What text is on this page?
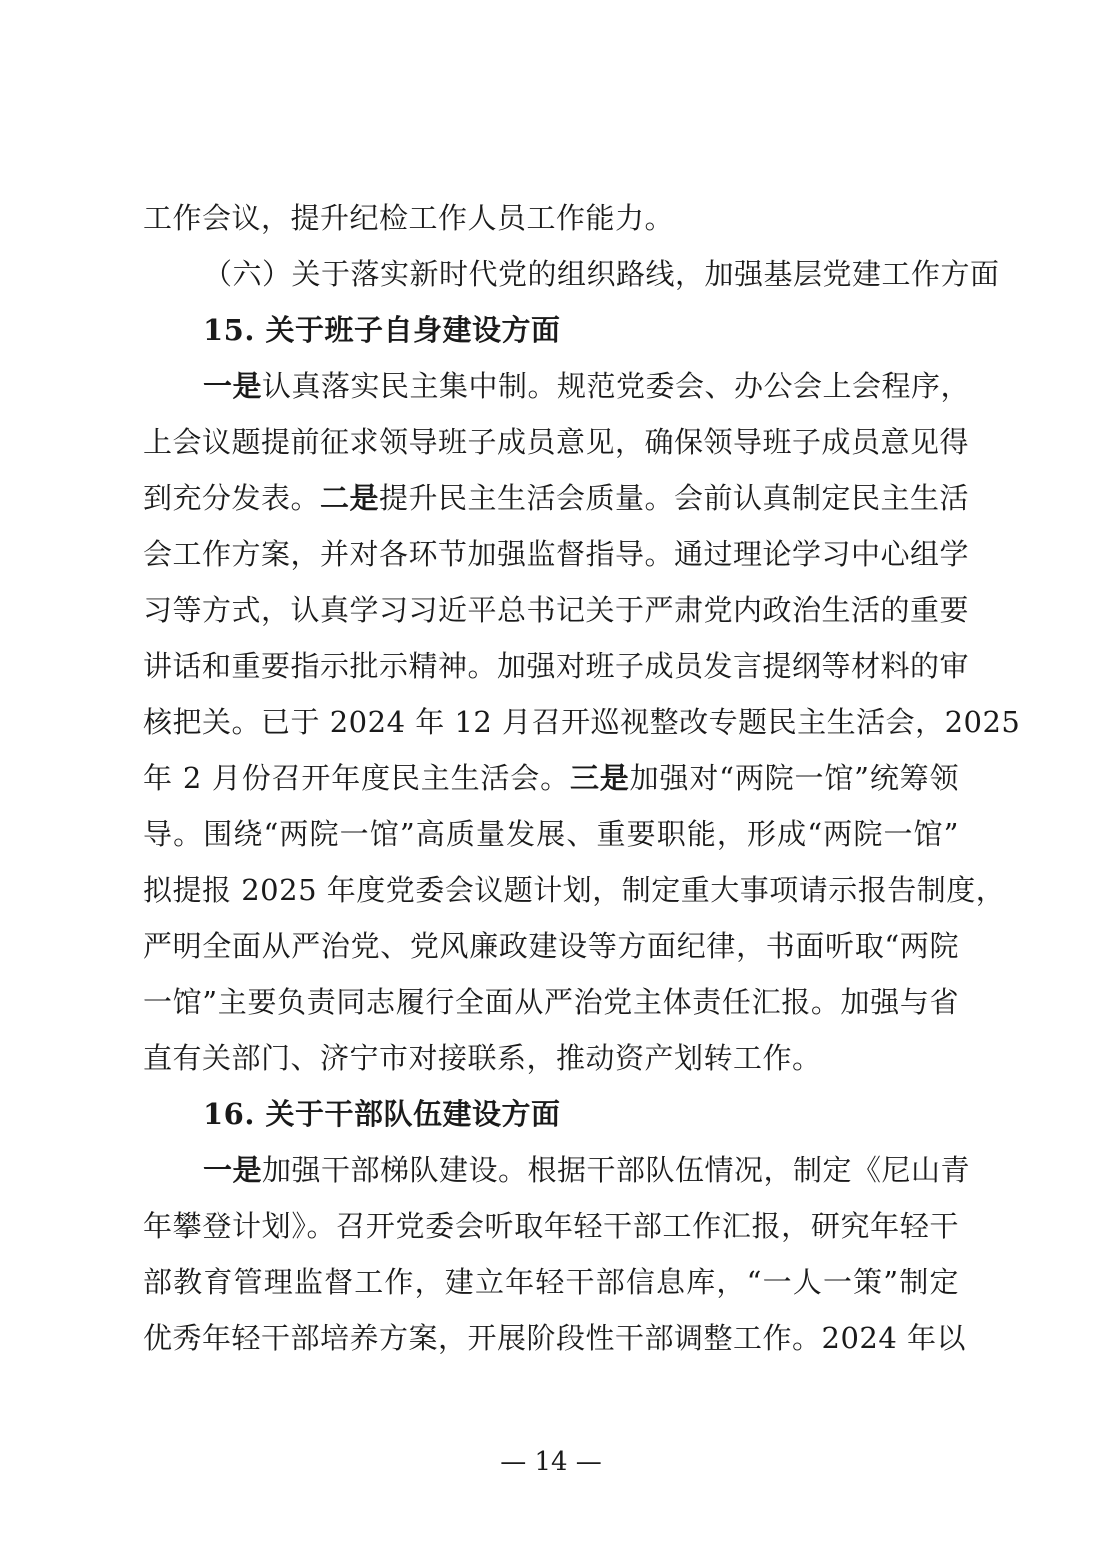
工作会议，提升纪检工作人员工作能力。
（六）关于落实新时代党的组织路线，加强基层党建工作方面
15. 关于班子自身建设方面
一是认真落实民主集中制。规范党委会、办公会上会程序，
上会议题提前征求领导班子成员意见，确保领导班子成员意见得
到充分发表。二是提升民主生活会质量。会前认真制定民主生活
会工作方案，并对各环节加强监督指导。通过理论学习中心组学
习等方式，认真学习习近平总书记关于严肃党内政治生活的重要
讲话和重要指示批示精神。加强对班子成员发言提纲等材料的审
核把关。已于 2024 年 12 月召开巡视整改专题民主生活会，2025
年 2 月份召开年度民主生活会。三是加强对“两院一馆”统筹领
导。围绕“两院一馆”高质量发展、重要职能，形成“两院一馆”
拟提报 2025 年度党委会议题计划，制定重大事项请示报告制度，
严明全面从严治党、党风廉政建设等方面纪律，书面听取“两院
一馆”主要负责同志履行全面从严治党主体责任汇报。加强与省
直有关部门、济宁市对接联系，推动资产划转工作。
16. 关于干部队伍建设方面
一是加强干部梯队建设。根据干部队伍情况，制定《尼山青
年攀登计划》。召开党委会听取年轻干部工作汇报，研究年轻干
部教育管理监督工作，建立年轻干部信息库，“一人一策”制定
优秀年轻干部培养方案，开展阶段性干部调整工作。2024 年以
— 14 —
